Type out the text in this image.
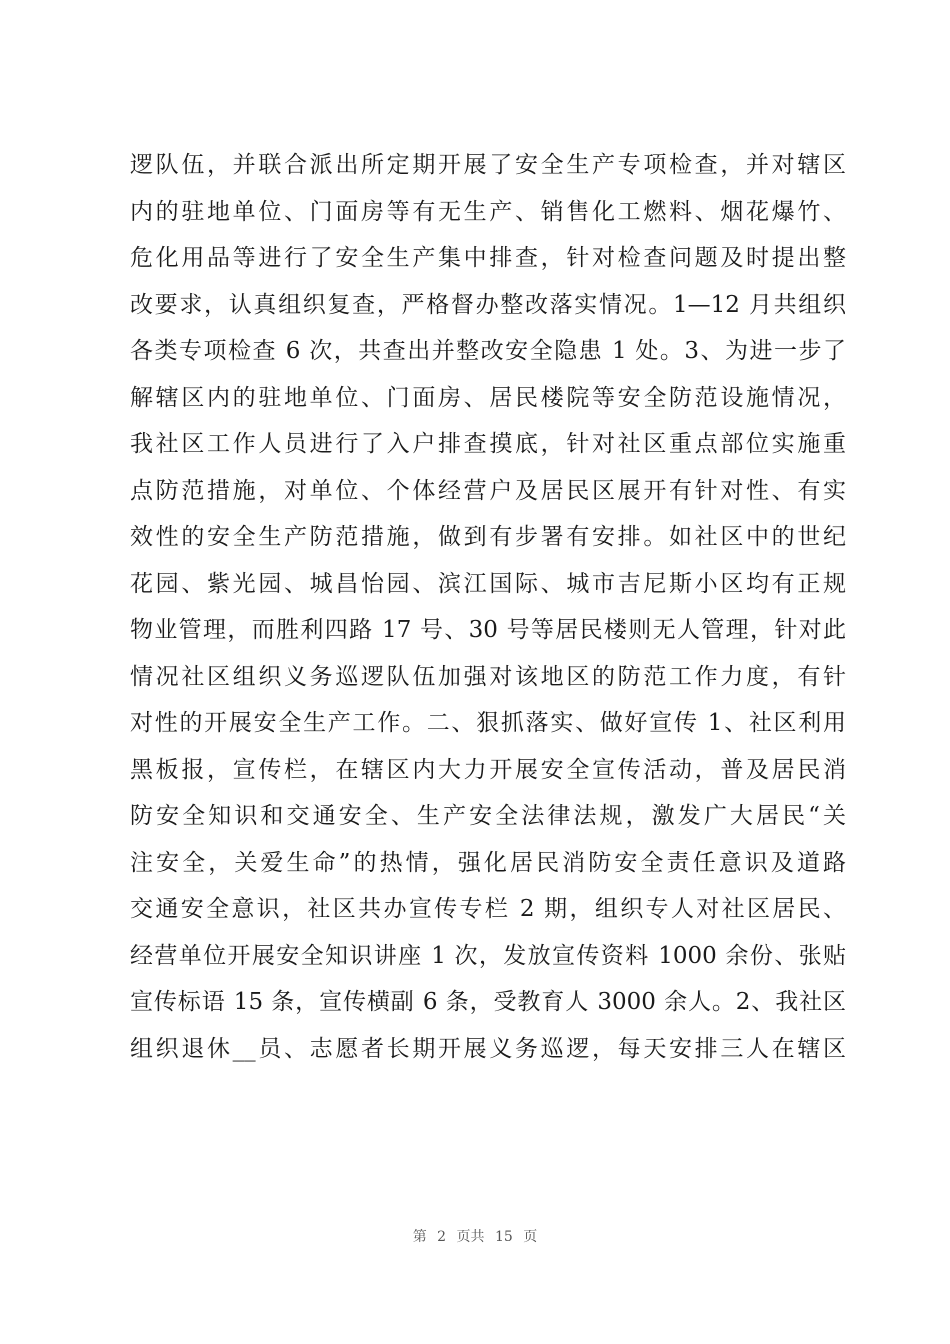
逻队伍，并联合派出所定期开展了安全生产专项检查，并对辖区
内的驻地单位、门面房等有无生产、销售化工燃料、烟花爆竹、
危化用品等进行了安全生产集中排查，针对检查问题及时提出整
改要求，认真组织复查，严格督办整改落实情况。1—12 月共组织
各类专项检查 6 次，共查出并整改安全隐患 1 处。3、为进一步了
解辖区内的驻地单位、门面房、居民楼院等安全防范设施情况，
我社区工作人员进行了入户排查摸底，针对社区重点部位实施重
点防范措施，对单位、个体经营户及居民区展开有针对性、有实
效性的安全生产防范措施，做到有步署有安排。如社区中的世纪
花园、紫光园、城昌怡园、滨江国际、城市吉尼斯小区均有正规
物业管理，而胜利四路 17 号、30 号等居民楼则无人管理，针对此
情况社区组织义务巡逻队伍加强对该地区的防范工作力度，有针
对性的开展安全生产工作。二、狠抓落实、做好宣传 1、社区利用
黑板报，宣传栏，在辖区内大力开展安全宣传活动，普及居民消
防安全知识和交通安全、生产安全法律法规，激发广大居民“关
注安全，关爱生命”的热情，强化居民消防安全责任意识及道路
交通安全意识，社区共办宣传专栏 2 期，组织专人对社区居民、
经营单位开展安全知识讲座 1 次，发放宣传资料 1000 余份、张贴
宣传标语 15 条，宣传横副 6 条，受教育人 3000 余人。2、我社区
组织退休__员、志愿者长期开展义务巡逻，每天安排三人在辖区
第 2 页共 15 页
